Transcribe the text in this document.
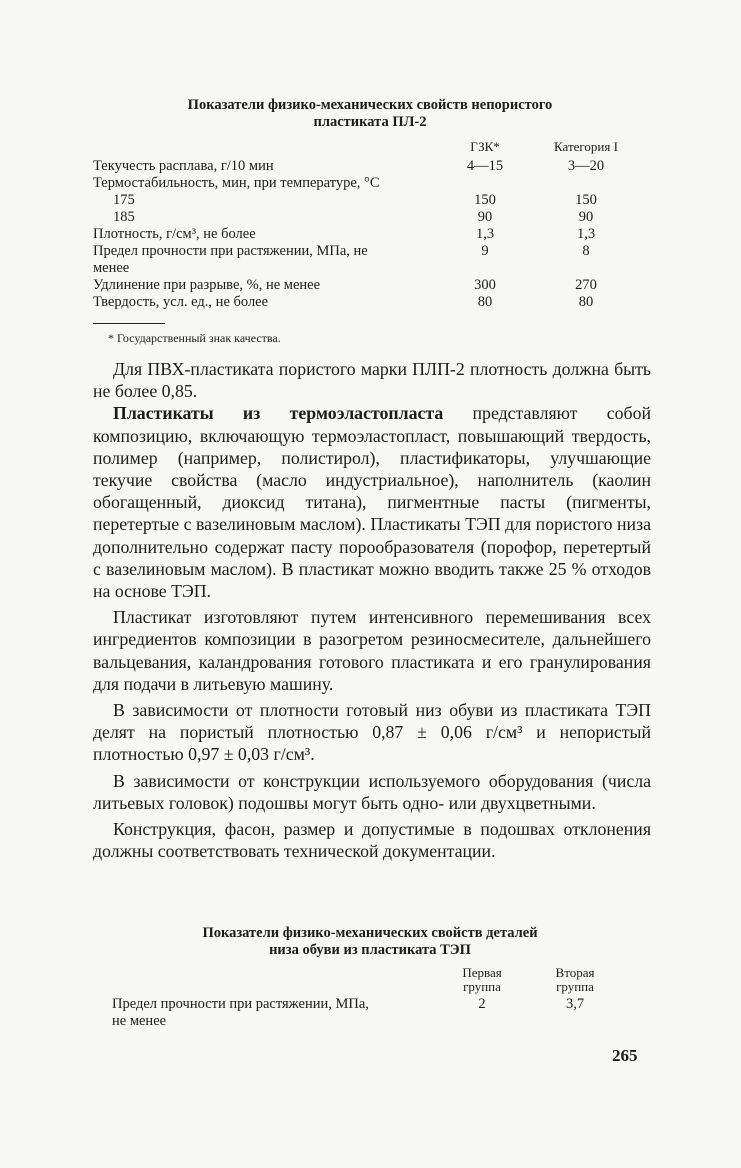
Показатели физико-механических свойств непористого
пластиката ПЛ-2
ГЗК*	Категория I
Текучесть расплава, г/10 мин	4—15	3—20
Термостабильность, мин, при температуре, °С
175	150	150
185	90	90
Плотность, г/см³, не более	1,3	1,3
Предел прочности при растяжении, МПа, не	9	8
менее
Удлинение при разрыве, %, не менее	300	270
Твердость, усл. ед., не более	80	80
* Государственный знак качества.

Для ПВХ-пластиката пористого марки ПЛП-2 плотность должна быть не более 0,85.

Пластикаты из термоэластопласта представляют собой композицию, включающую термоэластопласт, повышающий твердость, полимер (например, полистирол), пластификаторы, улучшающие текучие свойства (масло индустриальное), наполнитель (каолин обогащенный, диоксид титана), пигментные пасты (пигменты, перетертые с вазелиновым маслом). Пластикаты ТЭП для пористого низа дополнительно содержат пасту порообразователя (порофор, перетертый с вазелиновым маслом). В пластикат можно вводить также 25 % отходов на основе ТЭП.

Пластикат изготовляют путем интенсивного перемешивания всех ингредиентов композиции в разогретом резиносмесителе, дальнейшего вальцевания, каландрования готового пластиката и его гранулирования для подачи в литьевую машину.

В зависимости от плотности готовый низ обуви из пластиката ТЭП делят на пористый плотностью 0,87 ± 0,06 г/см³ и непористый плотностью 0,97 ± 0,03 г/см³.

В зависимости от конструкции используемого оборудования (числа литьевых головок) подошвы могут быть одно- или двухцветными.

Конструкция, фасон, размер и допустимые в подошвах отклонения должны соответствовать технической документации.

Показатели физико-механических свойств деталей
низа обуви из пластиката ТЭП
Первая
группа
Вторая
группа
Предел прочности при растяжении, МПа,	2	3,7
не менее
265
